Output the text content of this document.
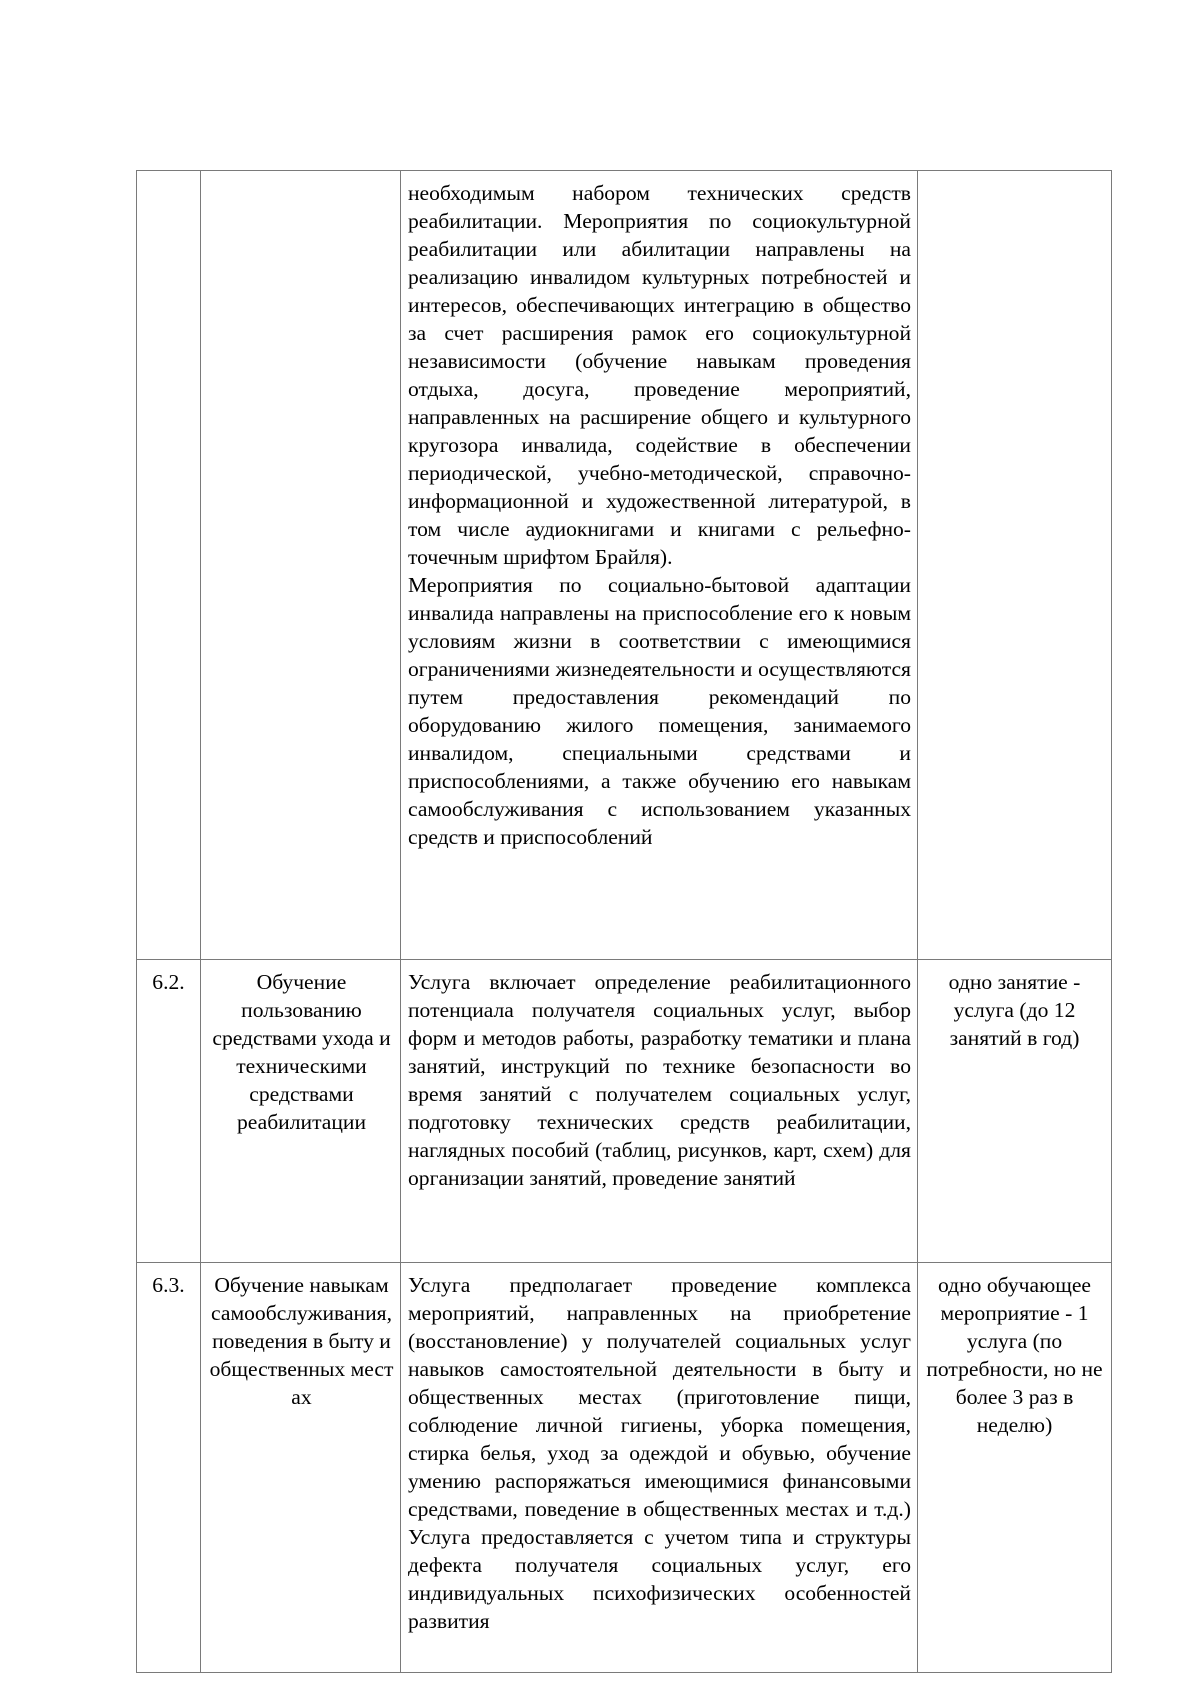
		необходимым набором технических средств реабилитации. Мероприятия по социокультурной реабилитации или абилитации направлены на реализацию инвалидом культурных потребностей и интересов, обеспечивающих интеграцию в общество за счет расширения рамок его социокультурной независимости (обучение навыкам проведения отдыха, досуга, проведение мероприятий, направленных на расширение общего и культурного кругозора инвалида, содействие в обеспечении периодической, учебно-методической, справочно-информационной и художественной литературой, в том числе аудиокнигами и книгами с рельефно-точечным шрифтом Брайля).

Мероприятия по социально-бытовой адаптации инвалида направлены на приспособление его к новым условиям жизни в соответствии с имеющимися ограничениями жизнедеятельности и осуществляются путем предоставления рекомендаций по оборудованию жилого помещения, занимаемого инвалидом, специальными средствами и приспособлениями, а также обучению его навыкам самообслуживания с использованием указанных средств и приспособлений	

6.2.	Обучение пользованию средствами ухода и техническими средствами реабилитации	Услуга включает определение реабилитационного потенциала получателя социальных услуг, выбор форм и методов работы, разработку тематики и плана занятий, инструкций по технике безопасности во время занятий с получателем социальных услуг, подготовку технических средств реабилитации, наглядных пособий (таблиц, рисунков, карт, схем) для организации занятий, проведение занятий	одно занятие - услуга (до 12 занятий в год)
6.3.	Обучение навыкам самообслуживания, поведения в быту и общественных местах	Услуга предполагает проведение комплекса мероприятий, направленных на приобретение (восстановление) у получателей социальных услуг навыков самостоятельной деятельности в быту и общественных местах (приготовление пищи, соблюдение личной гигиены, уборка помещения, стирка белья, уход за одеждой и обувью, обучение умению распоряжаться имеющимися финансовыми средствами, поведение в общественных местах и т.д.) Услуга предоставляется с учетом типа и структуры дефекта получателя социальных услуг, его индивидуальных психофизических особенностей развития	одно обучающее мероприятие - 1 услуга (по потребности, но не более 3 раз в неделю)
